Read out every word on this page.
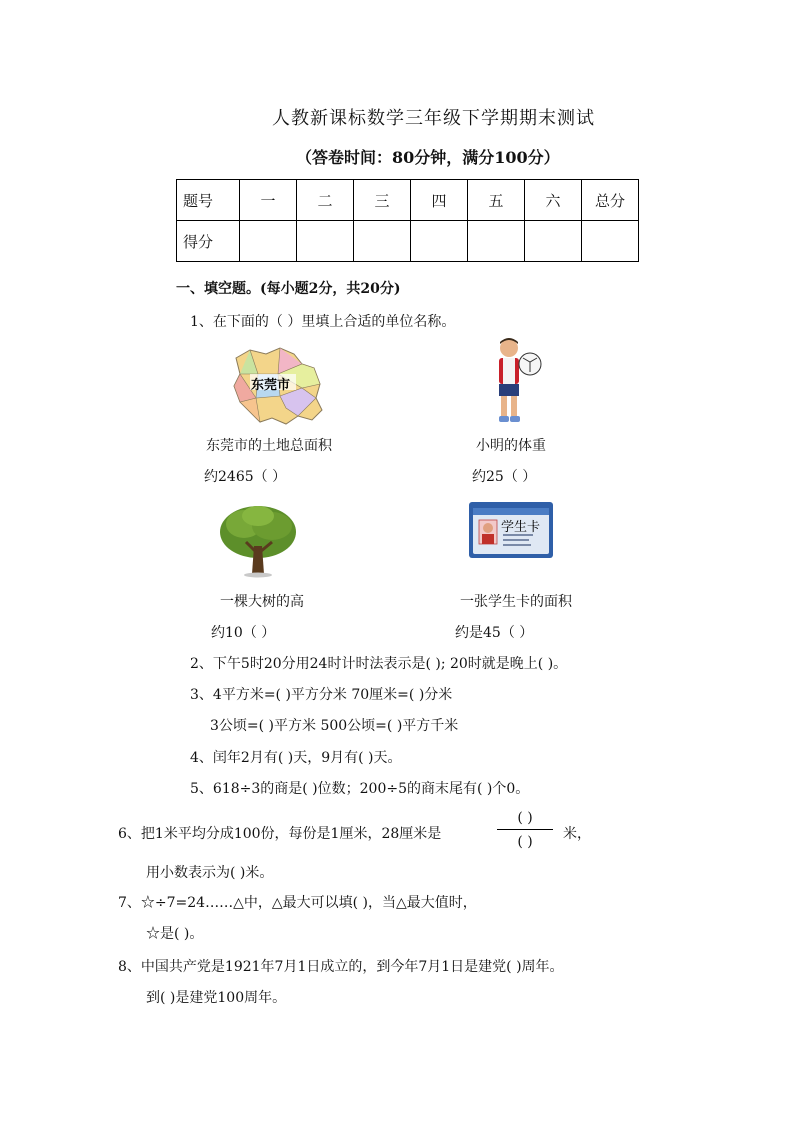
人教新课标数学三年级下学期期末测试
（答卷时间：80分钟，满分100分）
题号	一	二	三	四	五	六	总分
得分							
一、填空题。(每小题2分，共20分)
1、在下面的（ ）里填上合适的单位名称。
东莞市
东莞市的土地总面积
约2465（ ）
小明的体重
约25（ ）
学生卡
一棵大树的高
约10（ ）
一张学生卡的面积
约是45（ ）
2、下午5时20分用24时计时法表示是( ); 20时就是晚上( )。
3、4平方米=( )平方分米 70厘米=( )分米
3公顷=( )平方米 500公顷=( )平方千米
4、闰年2月有( )天，9月有( )天。
5、618÷3的商是( )位数；200÷5的商末尾有( )个0。
6、把1米平均分成100份，每份是1厘米，28厘米是
( )
( )	米，
用小数表示为( )米。
7、☆÷7=24……△中，△最大可以填( )，当△最大值时，
☆是( )。
8、中国共产党是1921年7月1日成立的，到今年7月1日是建党( )周年。
到( )是建党100周年。
